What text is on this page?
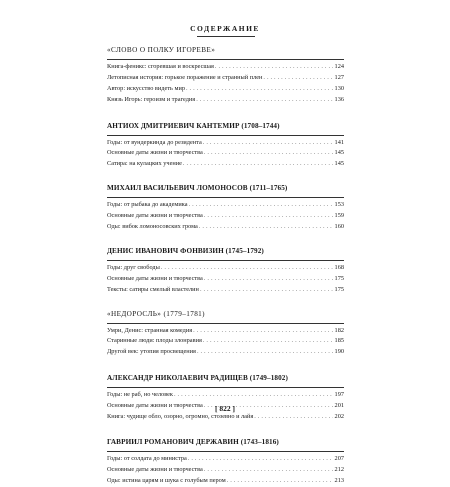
СОДЕРЖАНИЕ
«СЛОВО О ПОЛКУ ИГОРЕВЕ»
Книга-феникс: сгоревшая и воскресшая . . .	124
Летописная история: горькое поражение и странный плен . . .	127
Автор: искусство видеть мир . . .	130
Князь Игорь: героизм и трагедия . . .	136
АНТИОХ ДМИТРИЕВИЧ КАНТЕМИР (1708–1744)
Годы: от вундеркинда до резидента . . .	141
Основные даты жизни и творчества . . .	145
Сатира: на кулацких учение . . .	145
МИХАИЛ ВАСИЛЬЕВИЧ ЛОМОНОСОВ (1711–1765)
Годы: от рыбака до академика . . .	153
Основные даты жизни и творчества . . .	159
Оды: вибок ломоносовских грома . . .	160
ДЕНИС ИВАНОВИЧ ФОНВИЗИН (1745–1792)
Годы: друг свободы . . .	168
Основные даты жизни и творчества . . .	175
Тексты: сатиры смелый властелин . . .	175
«НЕДОРОСЛЬ» (1779–1781)
Умри, Денис: странная комедия . . .	182
Старинные люди: плоды злонравия . . .	185
Другой век: утопия просвещения . . .	190
АЛЕКСАНДР НИКОЛАЕВИЧ РАДИЩЕВ (1749–1802)
Годы: не раб, но человек . . .	197
Основные даты жизни и творчества . . .	201
Книга: чудище обло, озорно, огромно, стозевно и лайя . . .	202
ГАВРИИЛ РОМАНОВИЧ ДЕРЖАВИН (1743–1816)
Годы: от солдата до министра . . .	207
Основные даты жизни и творчества . . .	212
Оды: истина царям и шука с голубым пером . . .	213
[ 822 ]
